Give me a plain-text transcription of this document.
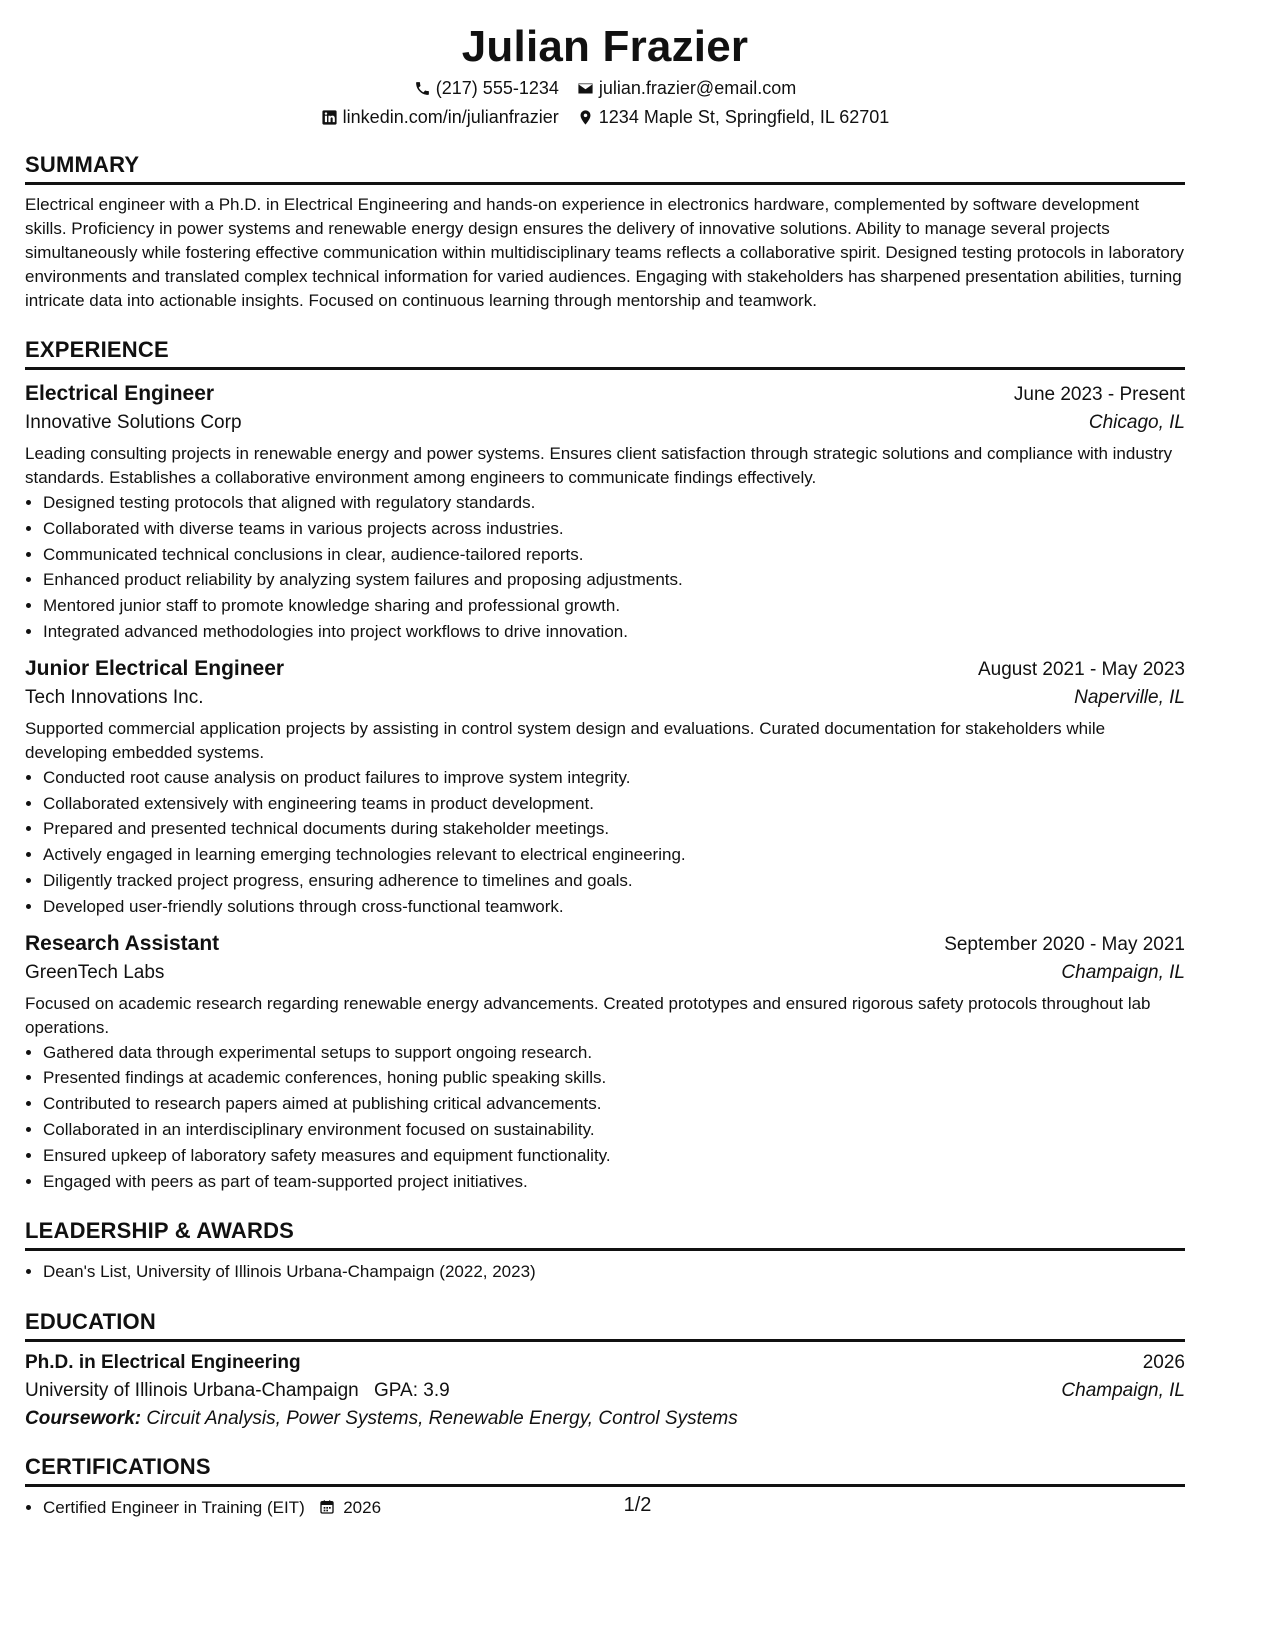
Julian Frazier
(217) 555-1234 julian.frazier@email.com
linkedin.com/in/julianfrazier 1234 Maple St, Springfield, IL 62701
SUMMARY
Electrical engineer with a Ph.D. in Electrical Engineering and hands-on experience in electronics hardware, complemented by software development skills. Proficiency in power systems and renewable energy design ensures the delivery of innovative solutions. Ability to manage several projects simultaneously while fostering effective communication within multidisciplinary teams reflects a collaborative spirit. Designed testing protocols in laboratory environments and translated complex technical information for varied audiences. Engaging with stakeholders has sharpened presentation abilities, turning intricate data into actionable insights. Focused on continuous learning through mentorship and teamwork.
EXPERIENCE
Electrical Engineer	June 2023 - Present
Innovative Solutions Corp	Chicago, IL
Leading consulting projects in renewable energy and power systems. Ensures client satisfaction through strategic solutions and compliance with industry standards. Establishes a collaborative environment among engineers to communicate findings effectively.
• Designed testing protocols that aligned with regulatory standards.
• Collaborated with diverse teams in various projects across industries.
• Communicated technical conclusions in clear, audience-tailored reports.
• Enhanced product reliability by analyzing system failures and proposing adjustments.
• Mentored junior staff to promote knowledge sharing and professional growth.
• Integrated advanced methodologies into project workflows to drive innovation.
Junior Electrical Engineer	August 2021 - May 2023
Tech Innovations Inc.	Naperville, IL
Supported commercial application projects by assisting in control system design and evaluations. Curated documentation for stakeholders while developing embedded systems.
• Conducted root cause analysis on product failures to improve system integrity.
• Collaborated extensively with engineering teams in product development.
• Prepared and presented technical documents during stakeholder meetings.
• Actively engaged in learning emerging technologies relevant to electrical engineering.
• Diligently tracked project progress, ensuring adherence to timelines and goals.
• Developed user-friendly solutions through cross-functional teamwork.
Research Assistant	September 2020 - May 2021
GreenTech Labs	Champaign, IL
Focused on academic research regarding renewable energy advancements. Created prototypes and ensured rigorous safety protocols throughout lab operations.
• Gathered data through experimental setups to support ongoing research.
• Presented findings at academic conferences, honing public speaking skills.
• Contributed to research papers aimed at publishing critical advancements.
• Collaborated in an interdisciplinary environment focused on sustainability.
• Ensured upkeep of laboratory safety measures and equipment functionality.
• Engaged with peers as part of team-supported project initiatives.
LEADERSHIP & AWARDS
• Dean's List, University of Illinois Urbana-Champaign (2022, 2023)
EDUCATION
Ph.D. in Electrical Engineering	2026
University of Illinois Urbana-Champaign GPA: 3.9	Champaign, IL
Coursework: Circuit Analysis, Power Systems, Renewable Energy, Control Systems
CERTIFICATIONS
• Certified Engineer in Training (EIT) 2026	1/2
